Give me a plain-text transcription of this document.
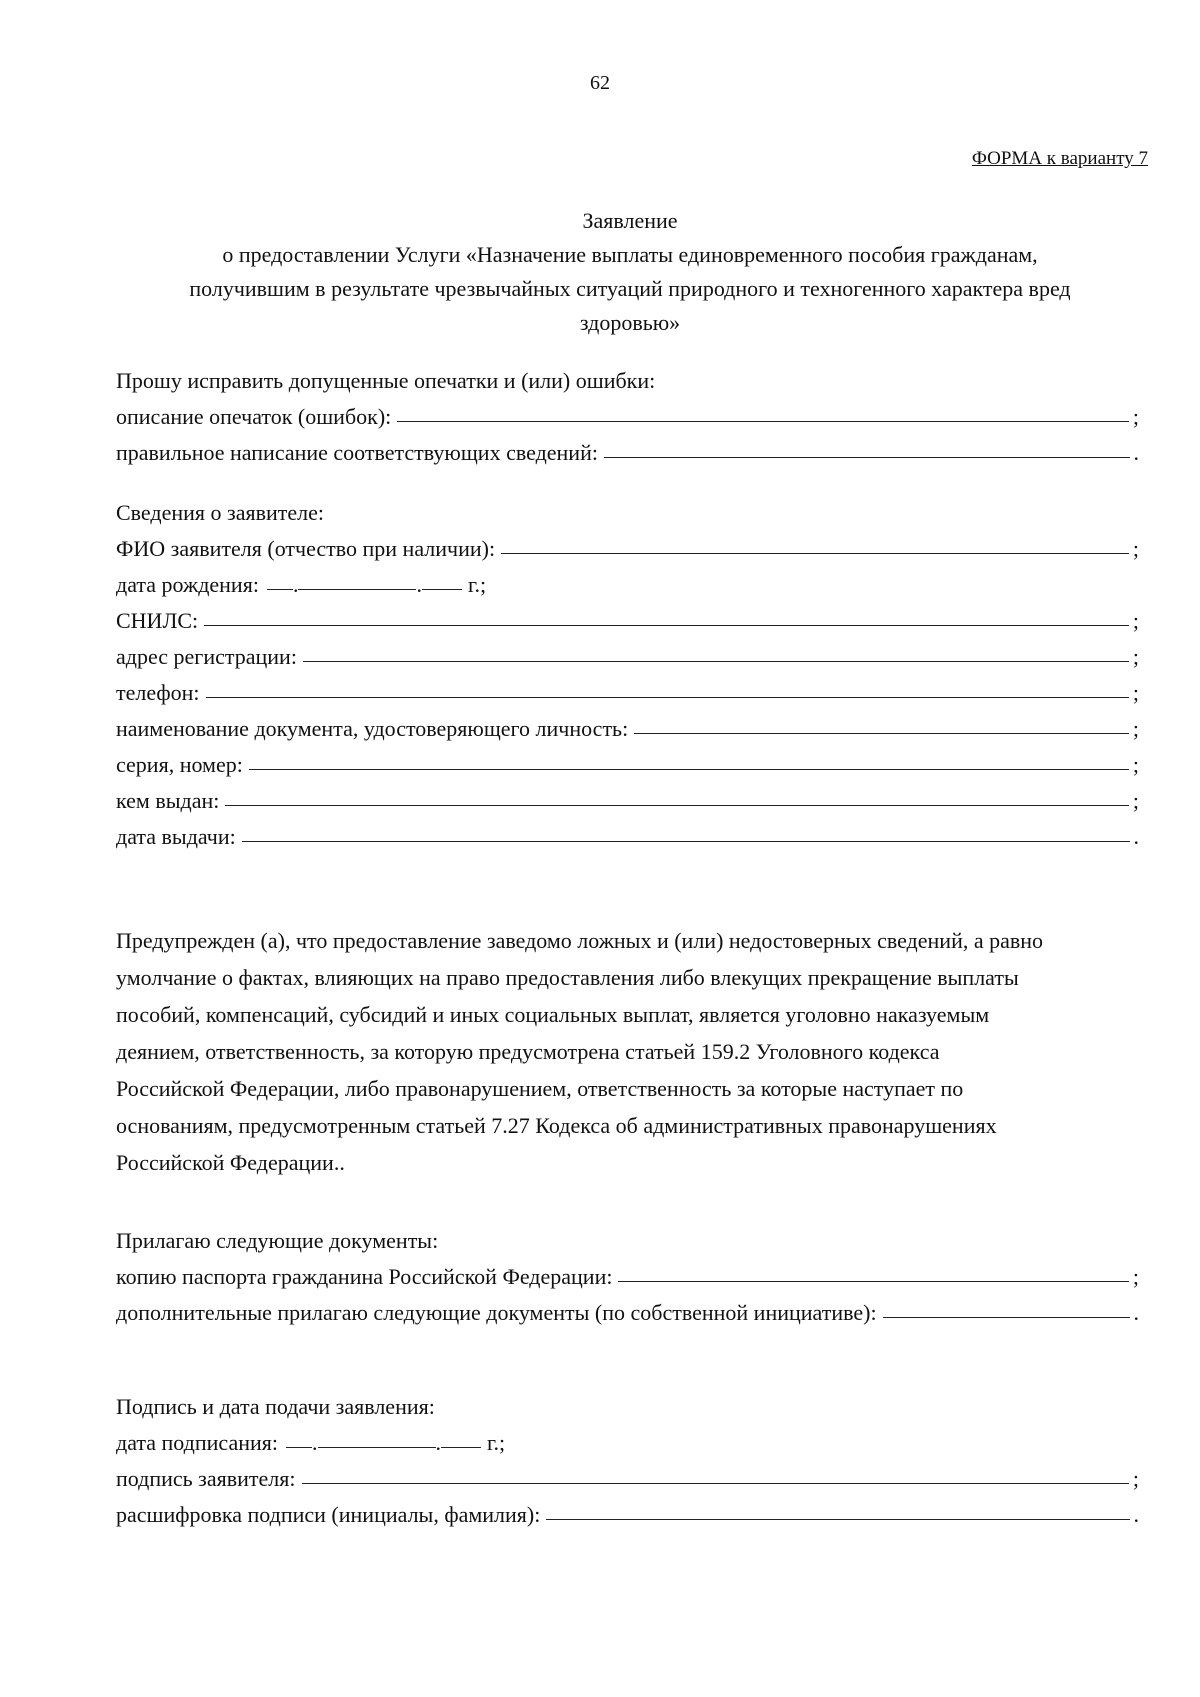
62
ФОРМА к варианту 7
Заявление
о предоставлении Услуги «Назначение выплаты единовременного пособия гражданам,
получившим в результате чрезвычайных ситуаций природного и техногенного характера вред
здоровью»
Прошу исправить допущенные опечатки и (или) ошибки:
описание опечаток (ошибок):	;
правильное написание соответствующих сведений:	.
Сведения о заявителе:
ФИО заявителя (отчество при наличии):	;
дата рождения: .	. г.;
СНИЛС:	;
адрес регистрации:	;
телефон:	;
наименование документа, удостоверяющего личность:	;
серия, номер:	;
кем выдан:	;
дата выдачи:	.

Предупрежден (а), что предоставление заведомо ложных и (или) недостоверных сведений, а равно

умолчание о фактах, влияющих на право предоставления либо влекущих прекращение выплаты

пособий, компенсаций, субсидий и иных социальных выплат, является уголовно наказуемым

деянием, ответственность, за которую предусмотрена статьей 159.2 Уголовного кодекса

Российской Федерации, либо правонарушением, ответственность за которые наступает по

основаниям, предусмотренным статьей 7.27 Кодекса об административных правонарушениях

Российской Федерации..

Прилагаю следующие документы:
копию паспорта гражданина Российской Федерации:	;
дополнительные прилагаю следующие документы (по собственной инициативе):	.
Подпись и дата подачи заявления:
дата подписания: .	. г.;
подпись заявителя:	;
расшифровка подписи (инициалы, фамилия):	.
